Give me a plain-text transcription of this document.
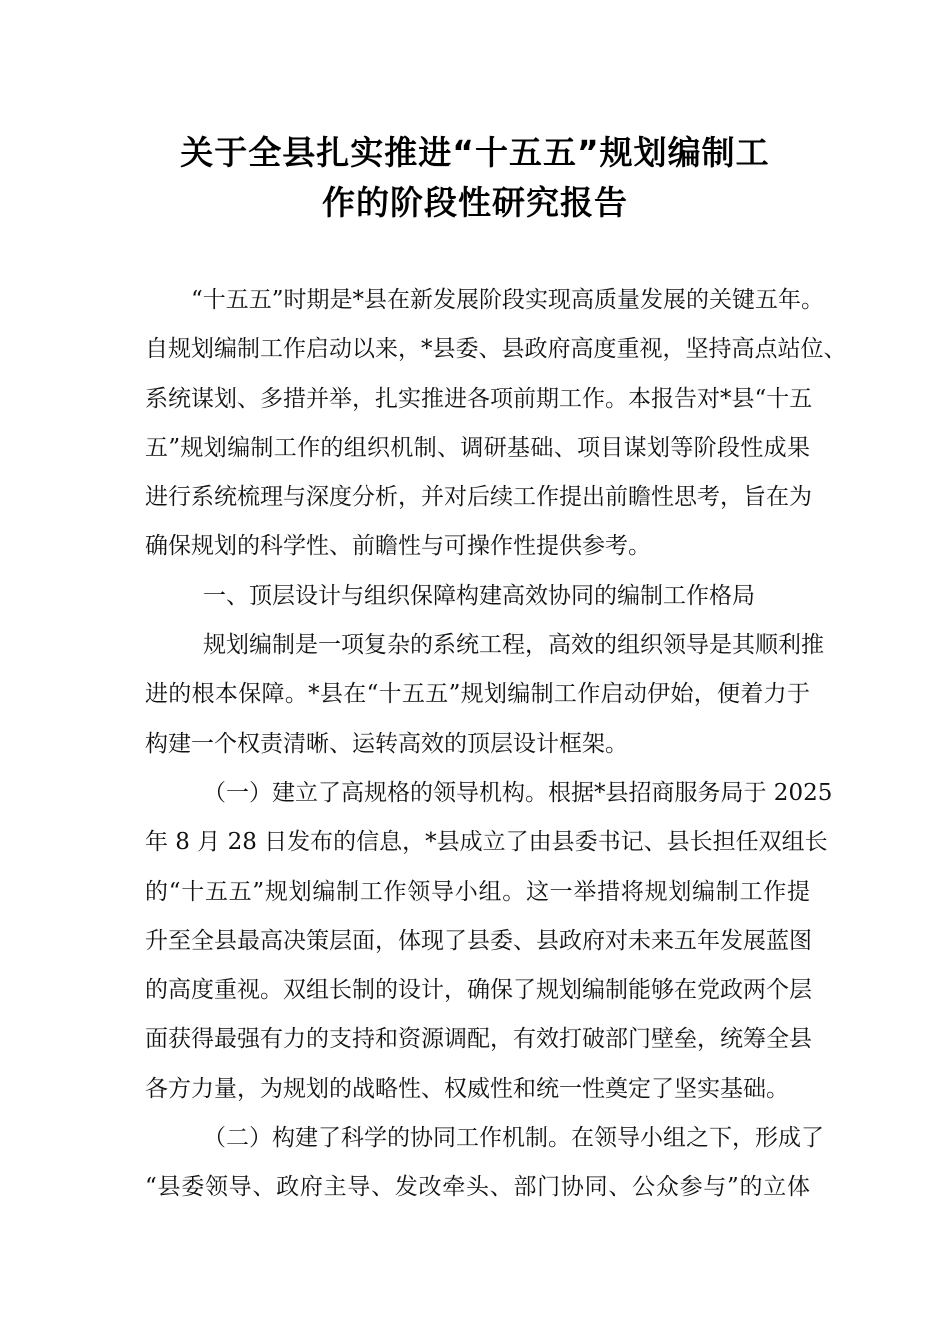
关于全县扎实推进“十五五”规划编制工
作的阶段性研究报告
“十五五”时期是*县在新发展阶段实现高质量发展的关键五年。
自规划编制工作启动以来，*县委、县政府高度重视，坚持高点站位、
系统谋划、多措并举，扎实推进各项前期工作。本报告对*县“十五
五”规划编制工作的组织机制、调研基础、项目谋划等阶段性成果
进行系统梳理与深度分析，并对后续工作提出前瞻性思考，旨在为
确保规划的科学性、前瞻性与可操作性提供参考。
一、顶层设计与组织保障构建高效协同的编制工作格局
规划编制是一项复杂的系统工程，高效的组织领导是其顺利推
进的根本保障。*县在“十五五”规划编制工作启动伊始，便着力于
构建一个权责清晰、运转高效的顶层设计框架。
（一）建立了高规格的领导机构。根据*县招商服务局于 2025
年 8 月 28 日发布的信息，*县成立了由县委书记、县长担任双组长
的“十五五”规划编制工作领导小组。这一举措将规划编制工作提
升至全县最高决策层面，体现了县委、县政府对未来五年发展蓝图
的高度重视。双组长制的设计，确保了规划编制能够在党政两个层
面获得最强有力的支持和资源调配，有效打破部门壁垒，统筹全县
各方力量，为规划的战略性、权威性和统一性奠定了坚实基础。
（二）构建了科学的协同工作机制。在领导小组之下，形成了
“县委领导、政府主导、发改牵头、部门协同、公众参与”的立体
